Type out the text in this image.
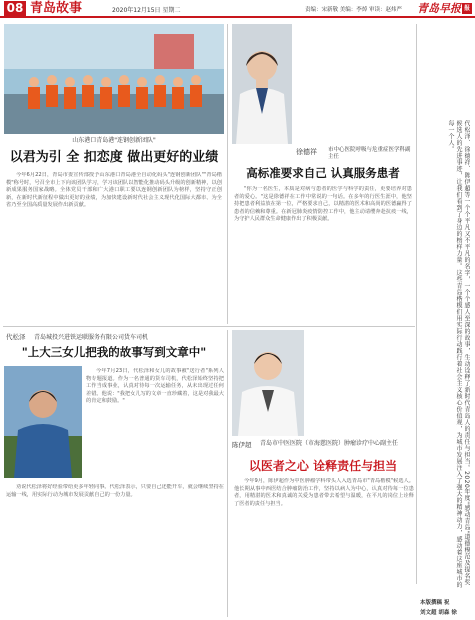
08 青岛故事	2020年12月15日 星期二	责编：宋新敬 美编：李焯 审读：赵炜严 青岛早报 报
山东港口青岛港"连钢创新团队"
以君为引 全 扣恋度 做出更好的业绩
今年6月22日，青岛市委宣传部授予山东港口青岛港全自动化码头"连钢创新团队""青岛楷模"称号时，号召全市上下向该团队学习，学习该团队以智能化推动码头升级的创新精神，以创新成果服务国家战略。全体党员干部和广大港口职工要以连钢创新团队为榜样，坚持守正创新，在新时代新征程中做出更好的业绩，为加快建设新时代社会主义现代化国际大都市、为全省乃至全国高质量发展作出新贡献。
徐德祥	市中心医院呼吸与危重症医学科副主任
高标准要求自己 认真服务患者
"你为一名医生，本质是对病与患者的医学与科学的责任，更要培养对患者的爱心。"这是徐德祥在工作中常说的一句话。在多年的行医生涯中，他坚持把患者利益放在第一位，严格要求自己，以精湛的医术和高尚的医德赢得了患者的信赖和尊重。在新冠肺炎疫情防控工作中，他主动请缨奔赴抗疫一线，为守护人民群众生命健康作出了积极贡献。
代松泽	青岛城投兴进铁运联服务有限公司货车司机
"上大三女儿把我的故事写到文章中"
今年7月23日，代松泽和女儿的故事被"送行者"系列人物专题报道。作为一名普通的货车司机，代松泽始终坚持把工作当成事业，认真对待每一次运输任务，从未出现过任何差错。他说："我把女儿写的文章一直珍藏着，这是对我最大的肯定和鼓励。"
劝说代松泽将好经验带给更多年轻同事。代松泽表示，只要自己还能开车，就会继续坚持在运输一线，用实际行动为城市发展贡献自己的一份力量。
陈伊超	青岛市中医医院（市海慈医院）肿瘤诊疗中心副主任
以医者之心 诠释责任与担当
今年9月，陈伊超作为中医肿瘤学科带头人入选青岛市"青岛楷模"候选人。他长期从事中西医结合肿瘤防治工作，坚持以病人为中心，认真对待每一位患者，用精湛的医术和真诚的关爱为患者带去希望与温暖，在平凡的岗位上诠释了医者的责任与担当。	代松泽、徐德祥、陈伊超等一个个平凡又不平凡的名字，一个个感人至深的故事，生动诠释了新时代青岛人的责任与担当。2020年度"感动青岛"道德模范及提名奖候选人的先进事迹，让我们看到了身边的榜样力量。这些青岛楷模们用实际行动践行着社会主义核心价值观，为城市发展注入了强大的精神动力，感动着这座城市的每一个人。
本版撰稿 祝
刘文超 胡森 徐
